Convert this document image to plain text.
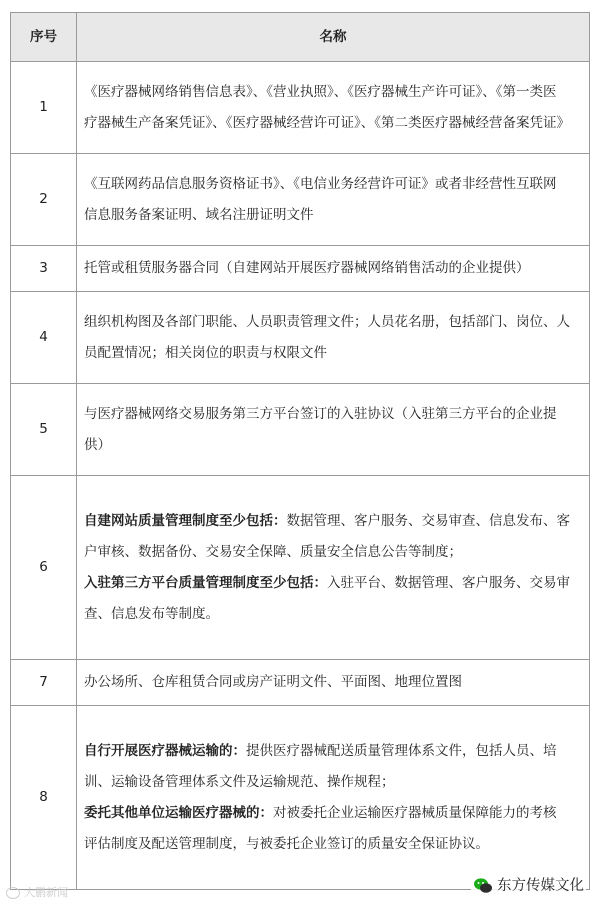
序号	名称
1	《医疗器械网络销售信息表》、《营业执照》、《医疗器械生产许可证》、《第一类医
疗器械生产备案凭证》、《医疗器械经营许可证》、《第二类医疗器械经营备案凭证》

2	《互联网药品信息服务资格证书》、《电信业务经营许可证》或者非经营性互联网
信息服务备案证明、域名注册证明文件

3	托管或租赁服务器合同（自建网站开展医疗器械网络销售活动的企业提供）

4	组织机构图及各部门职能、人员职责管理文件；人员花名册，包括部门、岗位、人
员配置情况；相关岗位的职责与权限文件

5	与医疗器械网络交易服务第三方平台签订的入驻协议（入驻第三方平台的企业提
供）

6	自建网站质量管理制度至少包括：数据管理、客户服务、交易审查、信息发布、客
户审核、数据备份、交易安全保障、质量安全信息公告等制度；
入驻第三方平台质量管理制度至少包括：入驻平台、数据管理、客户服务、交易审
查、信息发布等制度。

7	办公场所、仓库租赁合同或房产证明文件、平面图、地理位置图

8	自行开展医疗器械运输的：提供医疗器械配送质量管理体系文件，包括人员、培
训、运输设备管理体系文件及运输规范、操作规程；
委托其他单位运输医疗器械的：对被委托企业运输医疗器械质量保障能力的考核
评估制度及配送管理制度，与被委托企业签订的质量安全保证协议。
大鹏新闻	东方传媒文化
